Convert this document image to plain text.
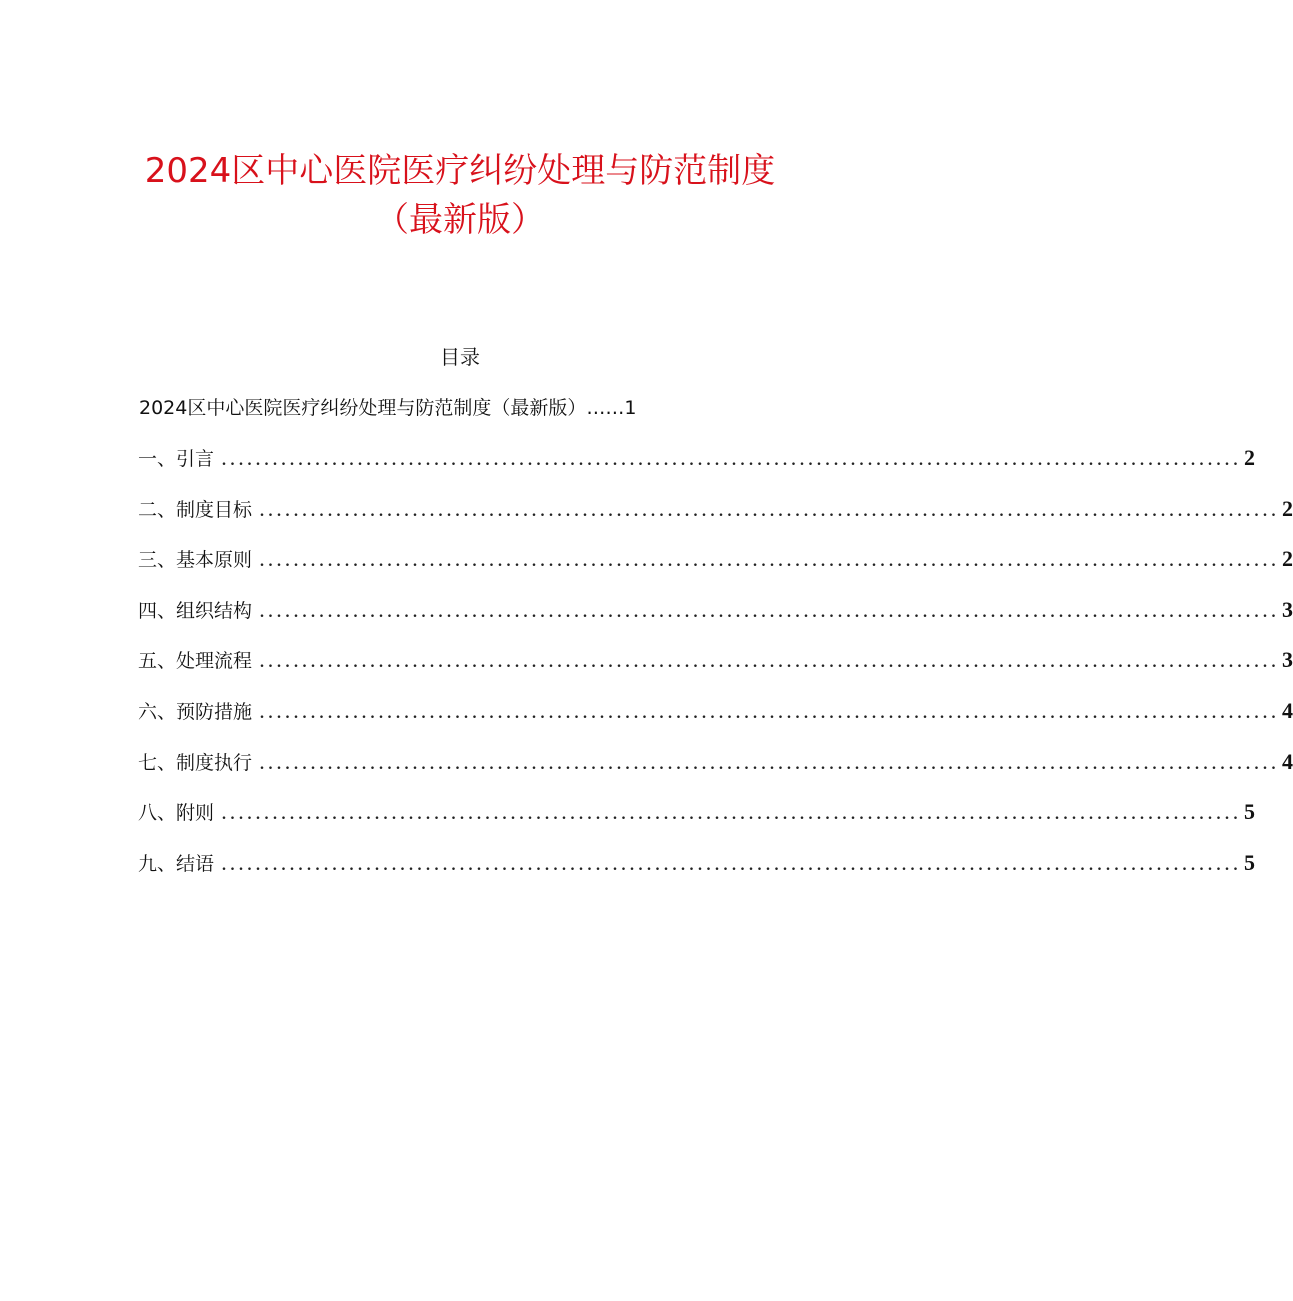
2024区中心医院医疗纠纷处理与防范制度
（最新版）
目录
2024区中心医院医疗纠纷处理与防范制度（最新版）……1
一、引言 ........................................................................................................................ 2
二、制度目标 ........................................................................................................................ 2
三、基本原则 ........................................................................................................................ 2
四、组织结构 ........................................................................................................................ 3
五、处理流程 ........................................................................................................................ 3
六、预防措施 ........................................................................................................................ 4
七、制度执行 ........................................................................................................................ 4
八、附则 ........................................................................................................................ 5
九、结语 ........................................................................................................................ 5
